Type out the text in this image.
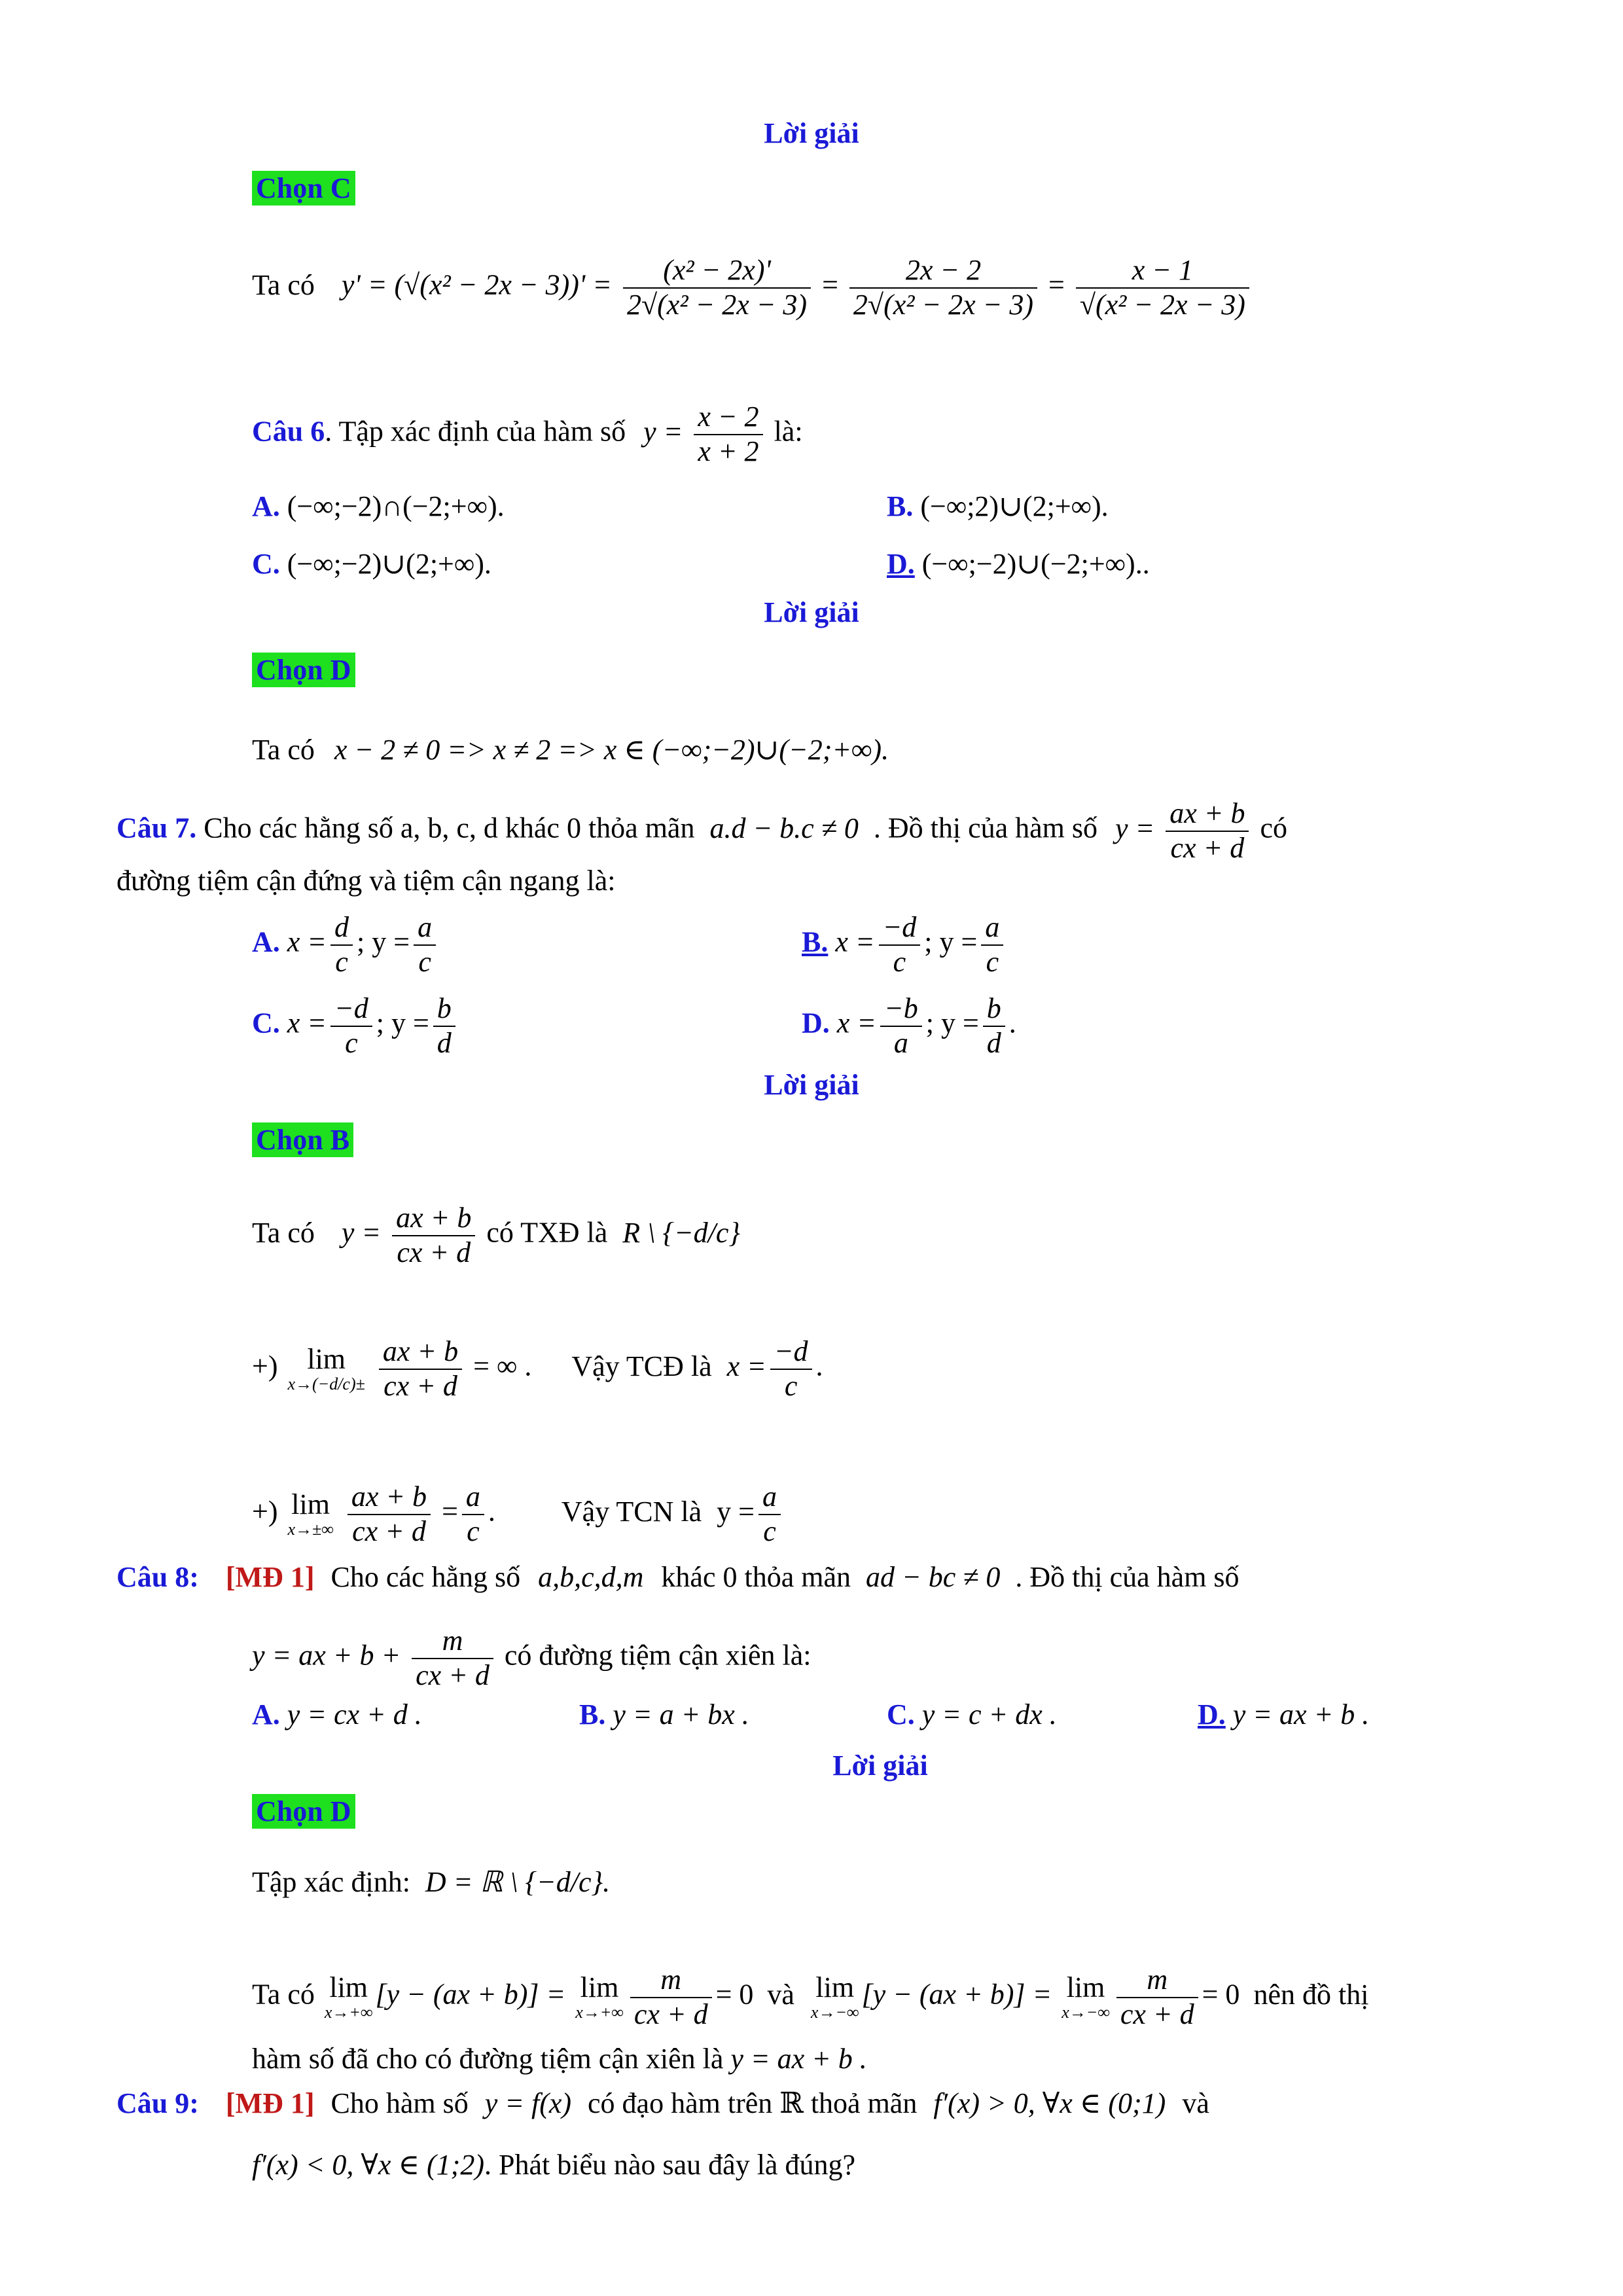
Lời giải
Chọn C
Ta có $y' = (√(x^2 - 2x - 3))' = \frac{\text{(x² − 2x)'}}{\text{2√(x² − 2x − 3)}} = \frac{2x - 2}{\text{2√(x² − 2x − 3)}} = \frac{x - 1}{\text{√(x² − 2x − 3)}}$
Câu 6. Tập xác định của hàm số $y = \frac{x - 2}{x + 2}$ là:
A. (−∞;−2)∩(−2;+∞).	B. (−∞;2)∪(2;+∞).
C. (−∞;−2)∪(2;+∞).	D. (−∞;−2)∪(−2;+∞)..
Lời giải
Chọn D
Ta có x − 2 ≠ 0 => x ≠ 2 => x ∈ (−∞;−2)∪(−2;+∞).
Câu 7. Cho các hằng số a, b, c, d khác 0 thỏa mãn a.d − b.c ≠ 0 . Đồ thị của hàm số $y = \frac{ax + b}{cx + d}$ có
đường tiệm cận đứng và tiệm cận ngang là:
A. $x = \frac{d}{c}$ ; $y = \frac{a}{c}$	B. $x = \frac{-d}{c}$ ; $y = \frac{a}{c}$
C. $x = \frac{-d}{c}$ ; $y = \frac{b}{d}$	D. $x = \frac{-b}{a}$ ; $y = \frac{b}{d}$ .
Lời giải
Chọn B
Ta có $y = \frac{ax + b}{cx + d}$ có TXĐ là R \ {−d/c}
+)	lim
x→(−d/c)±
$\frac{ax + b}{cx + d}$ = ∞ . Vậy TCĐ là $x = \frac{-d}{c}$ .
+) lim
x→±∞
$\frac{ax + b}{cx + d} = \frac{a}{c}$ . Vậy TCN là $y = \frac{a}{c}$
Câu 8: [MĐ 1] Cho các hằng số a,b,c,d,m khác 0 thỏa mãn ad − bc ≠ 0 . Đồ thị của hàm số
y = ax + $b + \frac{m}{cx + d}$ có đường tiệm cận xiên là:
A. y = cx + d .	B. y = a + bx .	C. y = c + dx .	D. y = ax + b .
Lời giải
Chọn D
Tập xác định: D = ℝ \ {−d/c}.
Ta có lim
x→+∞
[y − (ax + b)] = lim
$x\to+\infty \frac{m}{cx + d} = 0$ và lim
x→−∞
[y − (ax + b)] = lim
$x\to-\infty \frac{m}{cx + d} = 0$ nên đồ thị
hàm số đã cho có đường tiệm cận xiên là y = ax + b .
Câu 9: [MĐ 1] Cho hàm số y = f(x) có đạo hàm trên ℝ thoả mãn f′(x) > 0, ∀x ∈ (0;1) và
f′(x) < 0, ∀x ∈ (1;2). Phát biểu nào sau đây là đúng?
